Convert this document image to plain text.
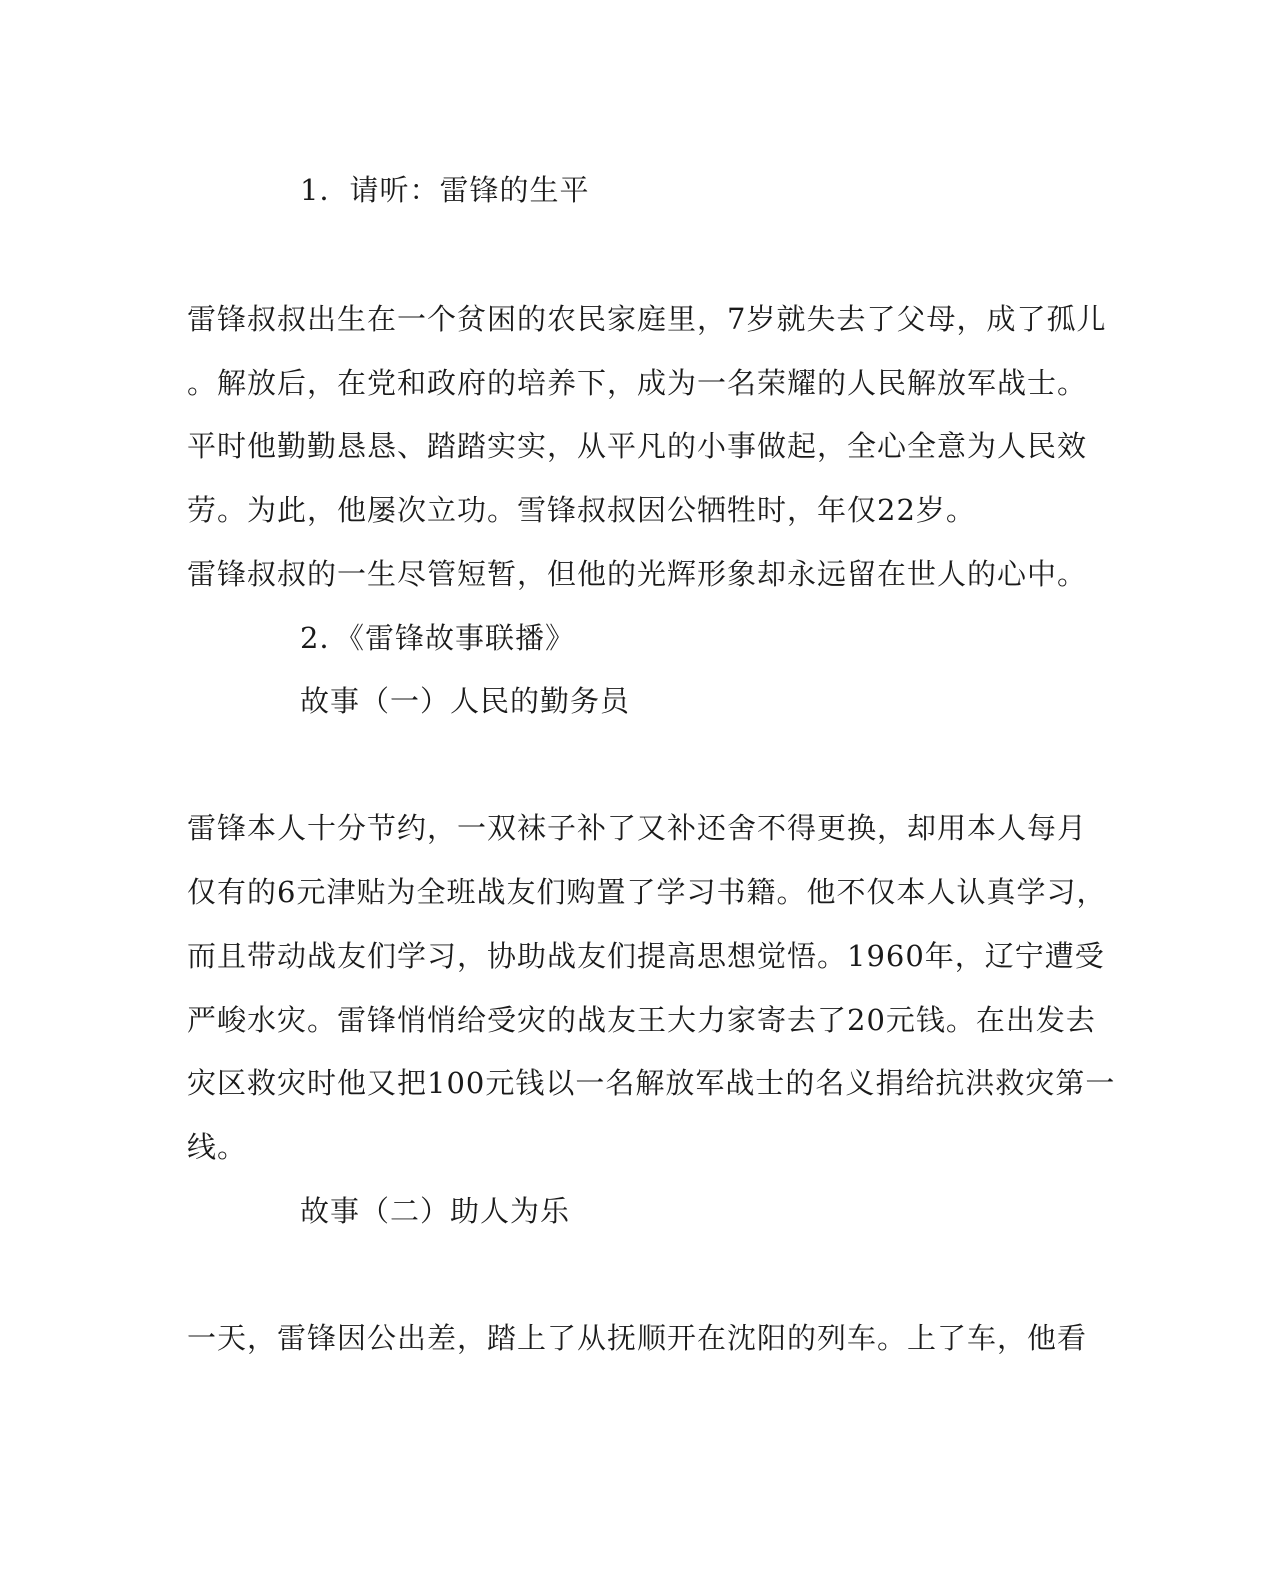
1．请听：雷锋的生平
雷锋叔叔出生在一个贫困的农民家庭里，7岁就失去了父母，成了孤儿
。解放后，在党和政府的培养下，成为一名荣耀的人民解放军战士。
平时他勤勤恳恳、踏踏实实，从平凡的小事做起，全心全意为人民效
劳。为此，他屡次立功。雪锋叔叔因公牺牲时，年仅22岁。
雷锋叔叔的一生尽管短暂，但他的光辉形象却永远留在世人的心中。
2．《雷锋故事联播》
故事（一）人民的勤务员
雷锋本人十分节约，一双袜子补了又补还舍不得更换，却用本人每月
仅有的6元津贴为全班战友们购置了学习书籍。他不仅本人认真学习，
而且带动战友们学习，协助战友们提高思想觉悟。1960年，辽宁遭受
严峻水灾。雷锋悄悄给受灾的战友王大力家寄去了20元钱。在出发去
灾区救灾时他又把100元钱以一名解放军战士的名义捐给抗洪救灾第一
线。
故事（二）助人为乐
一天，雷锋因公出差，踏上了从抚顺开在沈阳的列车。上了车，他看
